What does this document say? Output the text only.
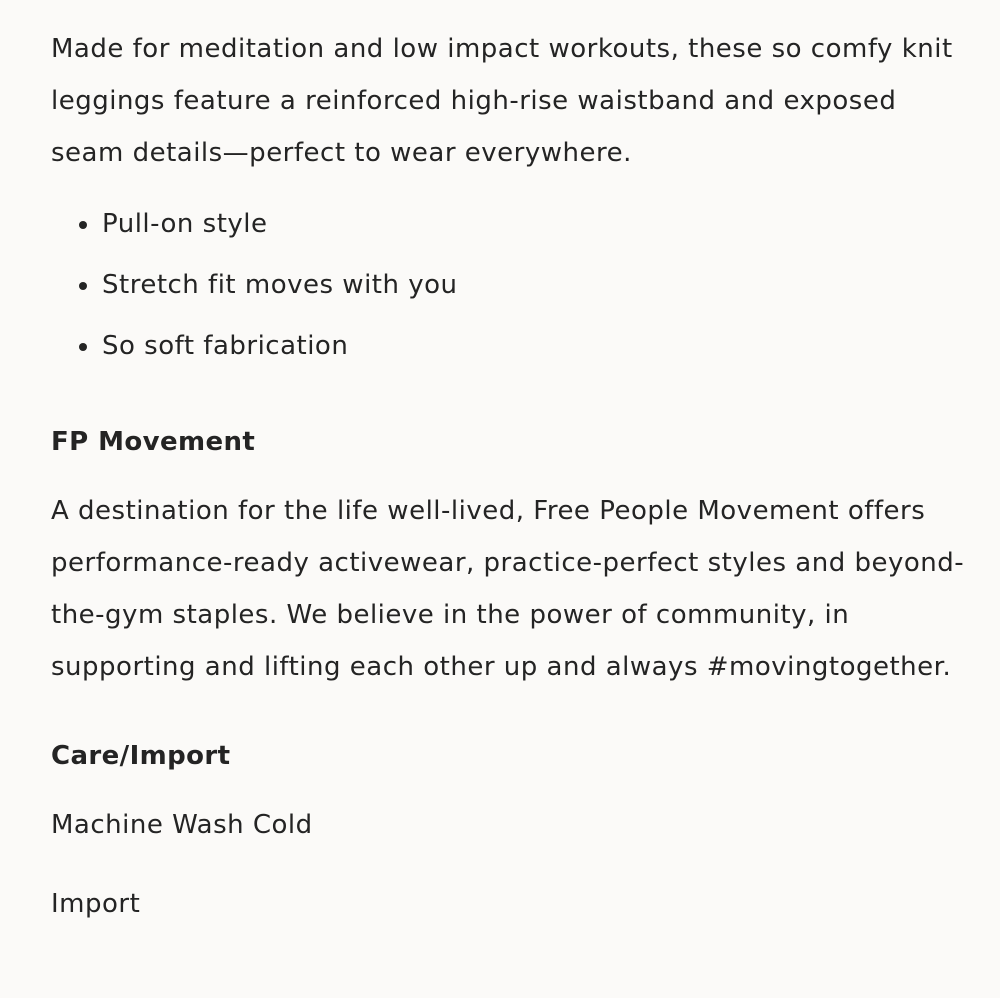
Made for meditation and low impact workouts, these so comfy knit leggings feature a reinforced high-rise waistband and exposed seam details—perfect to wear everywhere.

Pull-on style
Stretch fit moves with you
So soft fabrication
FP Movement

A destination for the life well-lived, Free People Movement offers performance-ready activewear, practice-perfect styles and beyond-the-gym staples. We believe in the power of community, in supporting and lifting each other up and always #movingtogether.

Care/Import

Machine Wash Cold

Import
